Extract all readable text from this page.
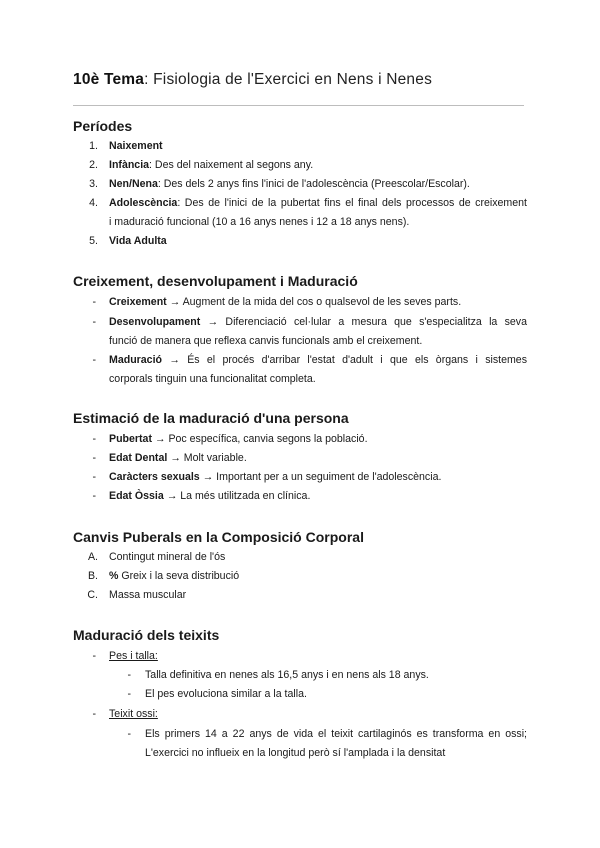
10è Tema: Fisiologia de l'Exercici en Nens i Nenes
Períodes
1. Naixement
2. Infància: Des del naixement al segons any.
3. Nen/Nena: Des dels 2 anys fins l'inici de l'adolescència (Preescolar/Escolar).
4. Adolescència: Des de l'inici de la pubertat fins el final dels processos de creixement
i maduració funcional (10 a 16 anys nenes i 12 a 18 anys nens).
5. Vida Adulta
Creixement, desenvolupament i Maduració
- Creixement → Augment de la mida del cos o qualsevol de les seves parts.
- Desenvolupament → Diferenciació cel·lular a mesura que s'especialitza la seva
funció de manera que reflexa canvis funcionals amb el creixement.
- Maduració → És el procés d'arribar l'estat d'adult i que els òrgans i sistemes
corporals tinguin una funcionalitat completa.
Estimació de la maduració d'una persona
- Pubertat → Poc específica, canvia segons la població.
- Edat Dental → Molt variable.
- Caràcters sexuals → Important per a un seguiment de l'adolescència.
- Edat Òssia → La més utilitzada en clínica.
Canvis Puberals en la Composició Corporal
A. Contingut mineral de l'ós
B. % Greix i la seva distribució
C. Massa muscular
Maduració dels teixits
- Pes i talla:
- Talla definitiva en nenes als 16,5 anys i en nens als 18 anys.
- El pes evoluciona similar a la talla.
- Teixit ossi:
- Els primers 14 a 22 anys de vida el teixit cartilaginós es transforma en ossi;
L'exercici no influeix en la longitud però sí l'amplada i la densitat
